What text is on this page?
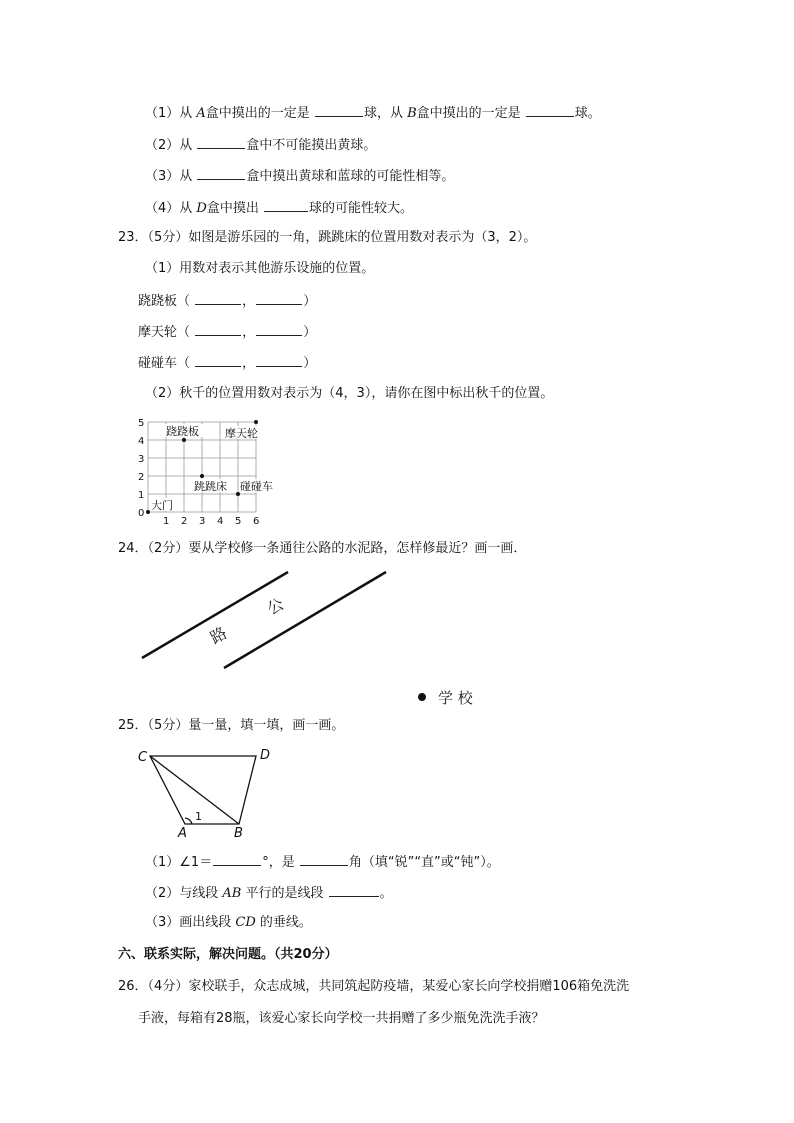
（1）从 A盒中摸出的一定是	球，从 B盒中摸出的一定是	球。
（2）从	盒中不可能摸出黄球。
（3）从	盒中摸出黄球和蓝球的可能性相等。
（4）从 D盒中摸出	球的可能性较大。
23．（5分）如图是游乐园的一角，跳跳床的位置用数对表示为（3，2）。
（1）用数对表示其他游乐设施的位置。
跷跷板（	，	）
摩天轮（	，	）
碰碰车（	，	）
（2）秋千的位置用数对表示为（4，3），请你在图中标出秋千的位置。
0
1
2
3
4
5
1 2 3 4 5 6
跷跷板 摩天轮
跳跳床 碰碰车
大门
24．（2分）要从学校修一条通往公路的水泥路，怎样修最近？画一画．
公
路
学 校
25．（5分）量一量，填一填，画一画。
C	D
A	B
1
（1）∠1＝	°，是	角（填“锐”“直”或“钝”）。
（2）与线段 AB 平行的是线段	。
（3）画出线段 CD 的垂线。
六、联系实际，解决问题。（共20分）
26．（4分）家校联手，众志成城，共同筑起防疫墙，某爱心家长向学校捐赠106箱免洗洗
手液，每箱有28瓶，该爱心家长向学校一共捐赠了多少瓶免洗洗手液？
